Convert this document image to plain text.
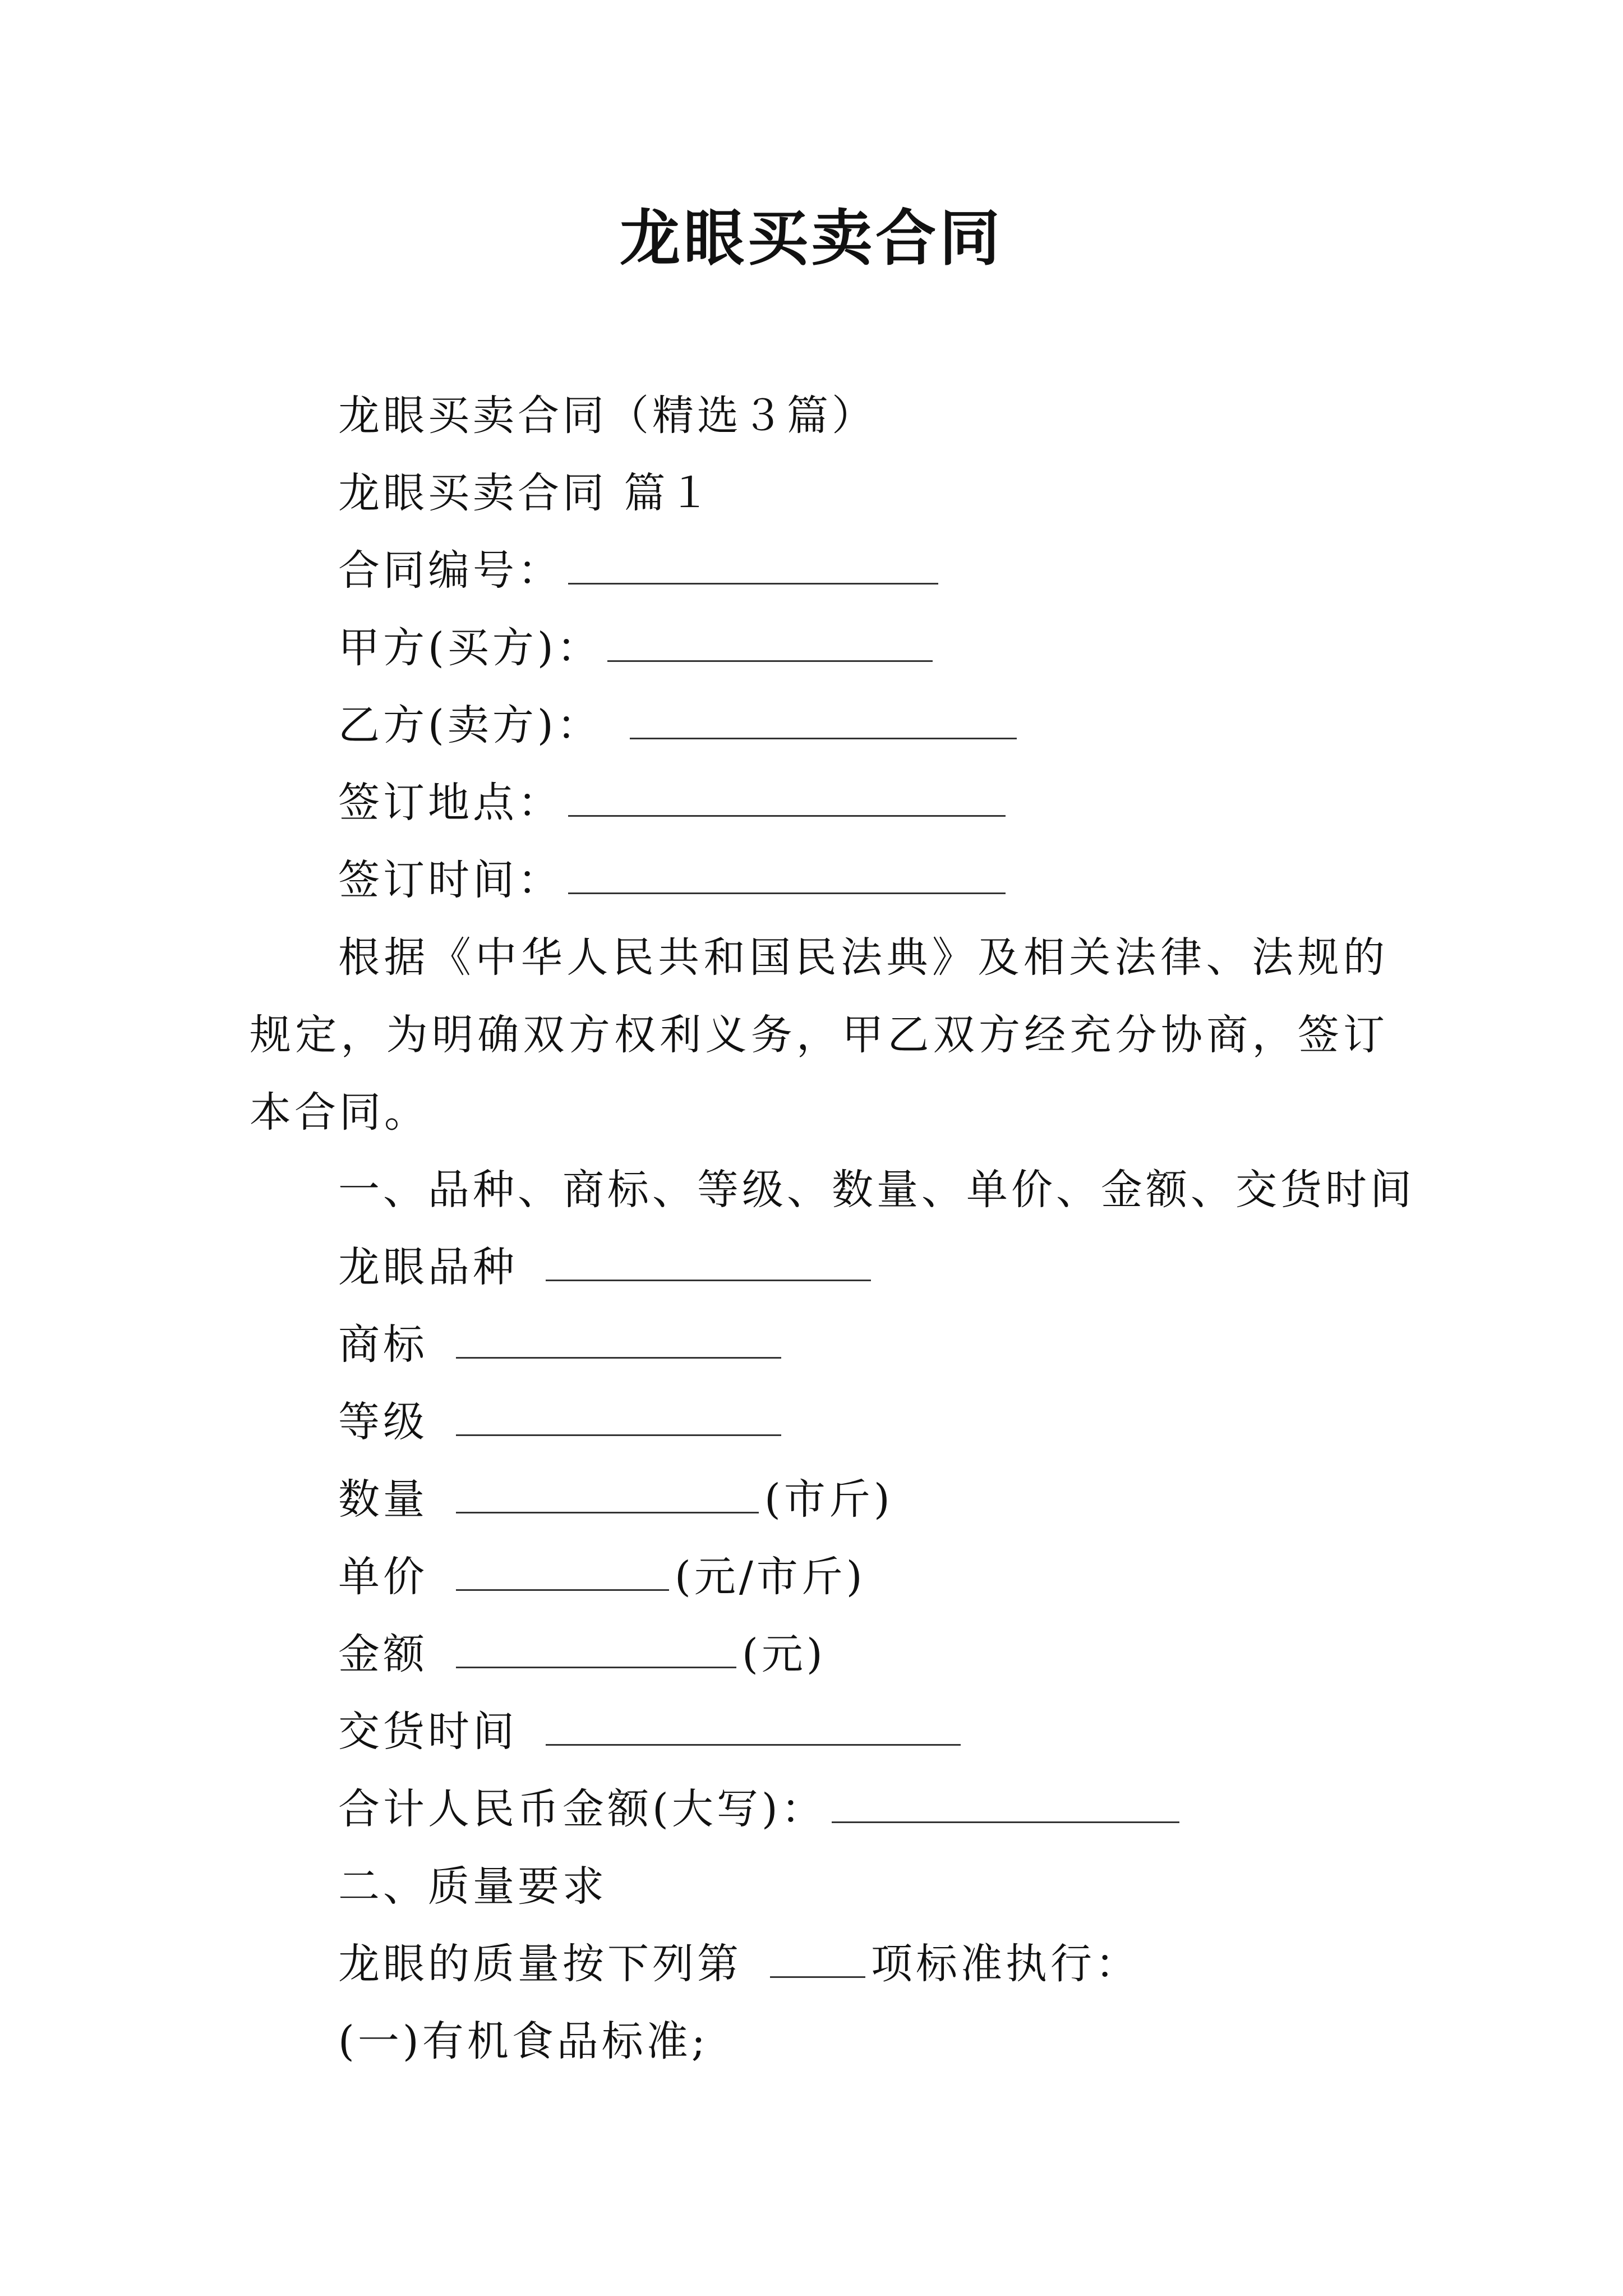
龙眼买卖合同
龙眼买卖合同（精选３篇）
龙眼买卖合同 篇１
合同编号：
甲方(买方)：
乙方(卖方)：
签订地点：
签订时间：
根据《中华人民共和国民法典》及相关法律、法规的规定，为明确双方权利义务，甲乙双方经充分协商，签订本合同。
一、品种、商标、等级、数量、单价、金额、交货时间
龙眼品种
商标
等级
数量	(市斤)
单价	(元/市斤)
金额	(元)
交货时间
合计人民币金额(大写)：
二、质量要求
龙眼的质量按下列第	项标准执行：
(一)有机食品标准;
